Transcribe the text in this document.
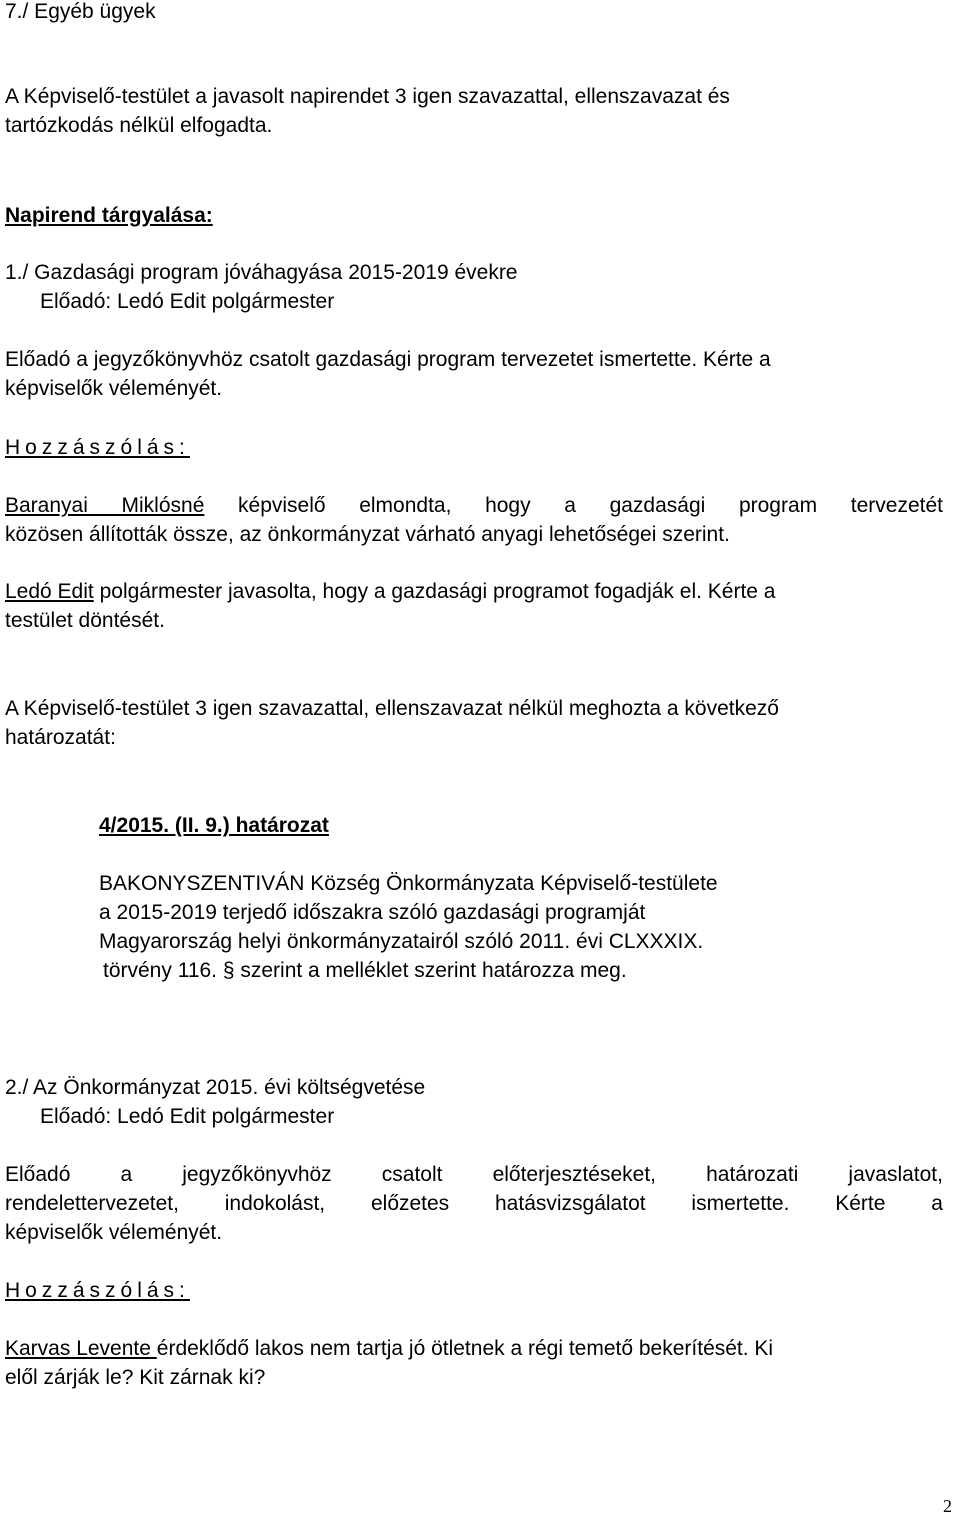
7./ Egyéb ügyek
A Képviselő-testület a javasolt napirendet 3 igen szavazattal, ellenszavazat és
tartózkodás nélkül elfogadta.
Napirend tárgyalása:
1./ Gazdasági program jóváhagyása 2015-2019 évekre
Előadó: Ledó Edit polgármester
Előadó a jegyzőkönyvhöz csatolt gazdasági program tervezetet ismertette. Kérte a
képviselők véleményét.
Hozzászólás:
Baranyai Miklósné képviselő elmondta, hogy a gazdasági program tervezetét
közösen állították össze, az önkormányzat várható anyagi lehetőségei szerint.
Ledó Edit polgármester javasolta, hogy a gazdasági programot fogadják el. Kérte a
testület döntését.
A Képviselő-testület 3 igen szavazattal, ellenszavazat nélkül meghozta a következő
határozatát:
4/2015. (II. 9.) határozat
BAKONYSZENTIVÁN Község Önkormányzata Képviselő-testülete
a 2015-2019 terjedő időszakra szóló gazdasági programját
Magyarország helyi önkormányzatairól szóló 2011. évi CLXXXIX.
törvény 116. § szerint a melléklet szerint határozza meg.
2./ Az Önkormányzat 2015. évi költségvetése
Előadó: Ledó Edit polgármester
Előadó a jegyzőkönyvhöz csatolt előterjesztéseket, határozati javaslatot,
rendelettervezetet, indokolást, előzetes hatásvizsgálatot ismertette. Kérte a
képviselők véleményét.
Hozzászólás:
Karvas Levente érdeklődő lakos nem tartja jó ötletnek a régi temető bekerítését. Ki
elől zárják le? Kit zárnak ki?
2
